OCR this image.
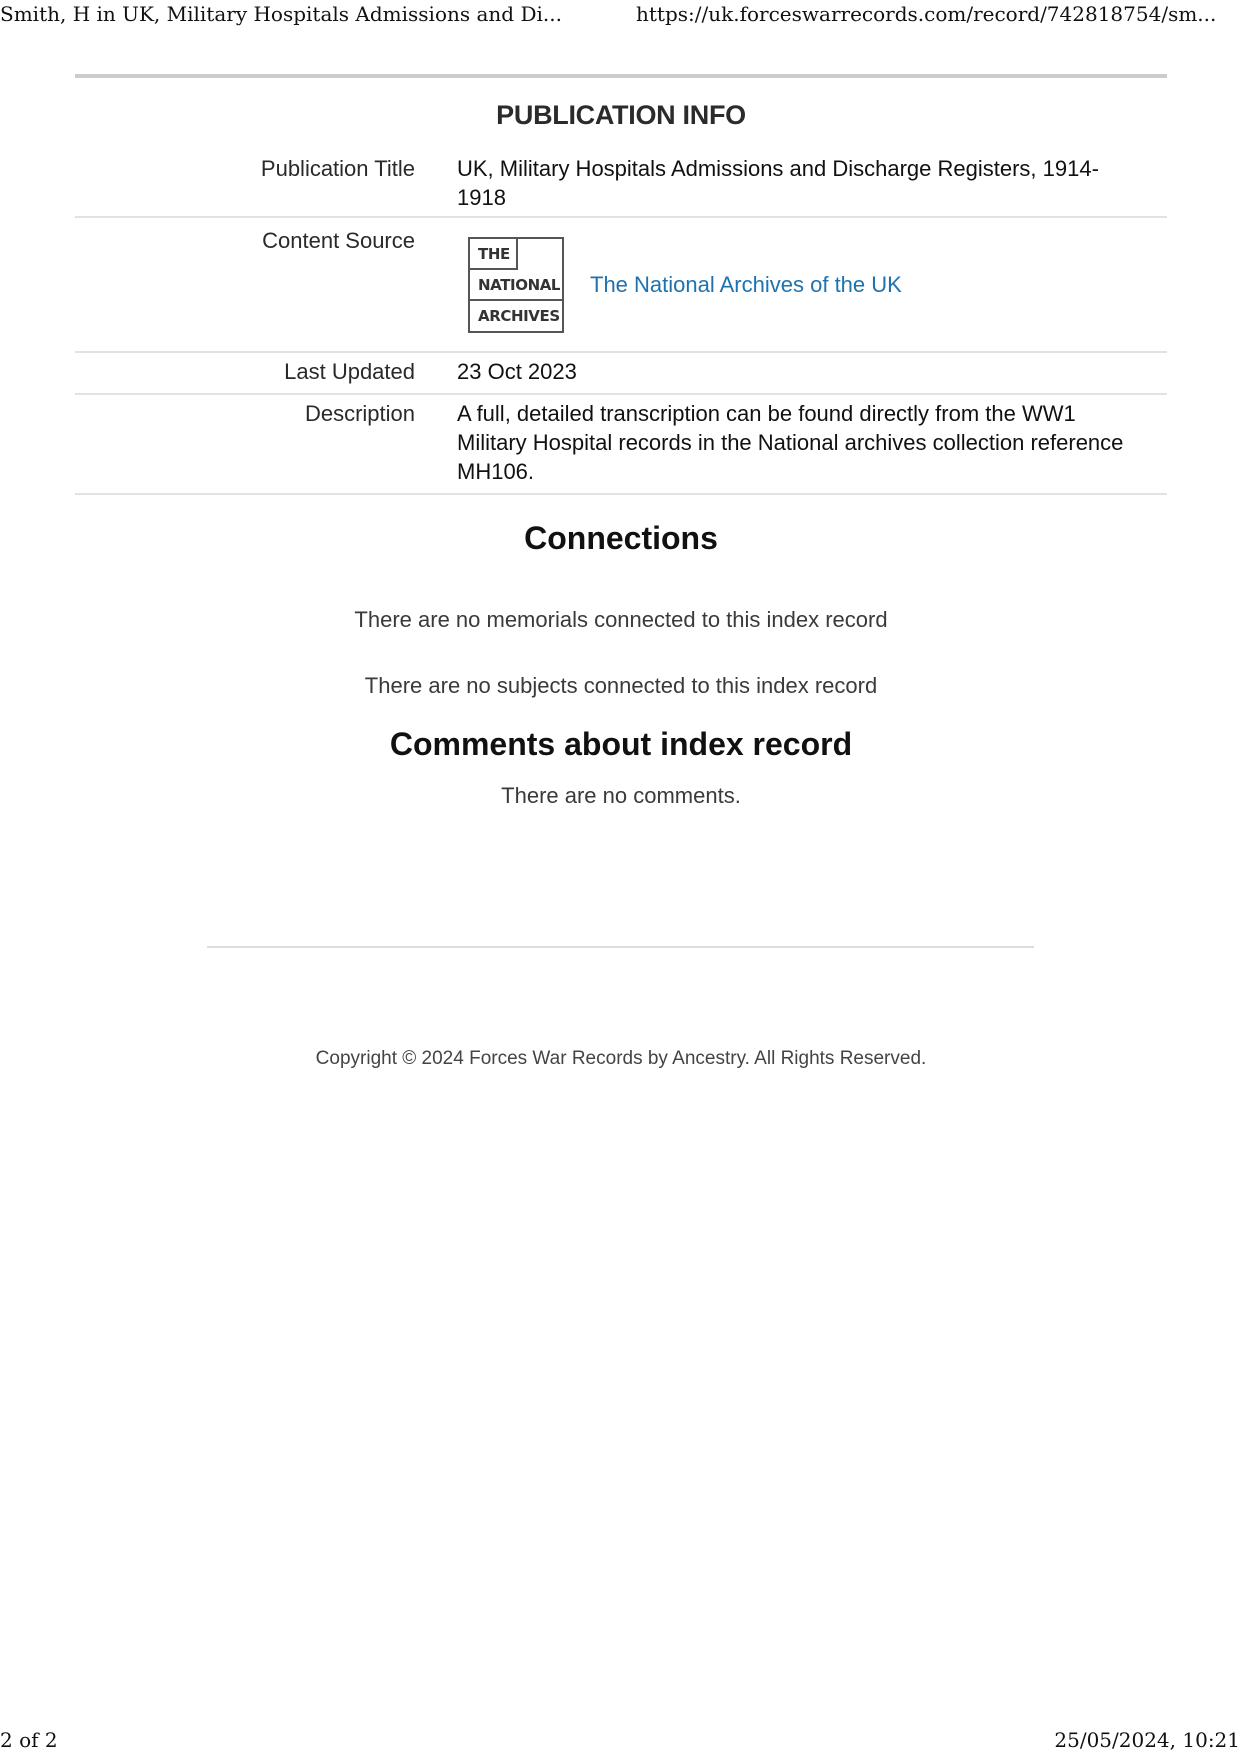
Smith, H in UK, Military Hospitals Admissions and Di...	https://uk.forceswarrecords.com/record/742818754/sm...
PUBLICATION INFO
Publication Title UK, Military Hospitals Admissions and Discharge Registers, 1914-1918
Content Source
THE
NATIONAL
ARCHIVES
The National Archives of the UK
Last Updated 23 Oct 2023
Description A full, detailed transcription can be found directly from the WW1 Military Hospital records in the National archives collection reference MH106.
Connections
There are no memorials connected to this index record
There are no subjects connected to this index record
Comments about index record
There are no comments.
Copyright © 2024 Forces War Records by Ancestry. All Rights Reserved.
2 of 2	25/05/2024, 10:21
